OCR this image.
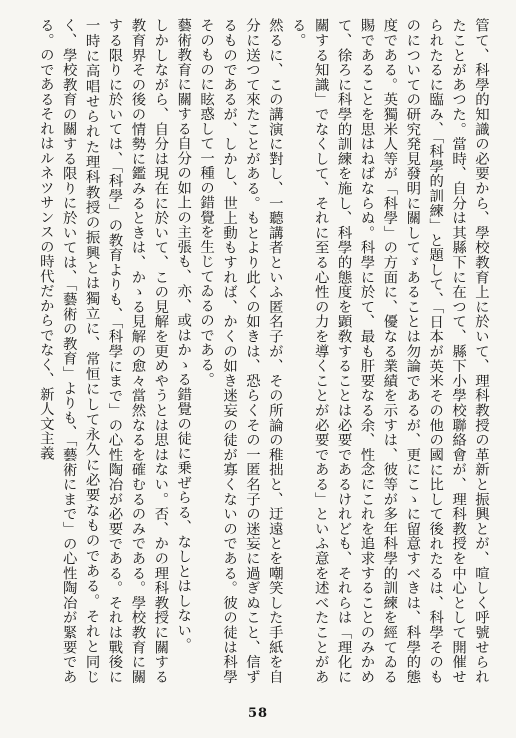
管て、科學的知識の必要から、學校教育上に於いて、理科教授の革新と振興とが、喧しく呼號せられたことがあつた。當時、自分は其縣下に在つて、縣下小學校聯絡會が、理科教授を中心として開催せられたるに臨み、「科學的訓練」と題して、「日本が英米その他の國に比して後れたるは、科學そのものについての研究発見發明に關してゞあることは勿論であるが、更にこゝに留意すべきは、科學的態度である。英獨米人等が「科學」の方面に、優なる業績を示すは、彼等が多年科學的訓練を經てゐる賜であることを思はねばならぬ。科學に於て、最も肝要なる余、性念にこれを追求することのみかめて、徐ろに科學的訓練を施し、科學的態度を顕敎することは必要であるけれども、それらは「理化に關する知識」でなくして、それに至る心性の力を導くことが必要である」といふ意を述べたことがある。

然るに、この講演に對し、一聽講者といふ匿名子が、その所論の稚拙と、迂遠とを嘲笑した手紙を自分に送つて來たことがある。もとより此くの如きは、恐らくその一匿名子の迷妄に過ぎぬこと、信ずるものであるが、しかし、世上動もすれば、かくの如き迷妄の徒が寡くないのである。彼の徒は科學そのものに眩惑して一種の錯覺を生じてゐるのである。

藝術教育に關する自分の如上の主張も、亦、或はかゝる錯覺の徒に乗ぜらる、なしとはしない。

しかしながら、自分は現在に於いて、この見解を更めやうとは思はない。否、かの理科教授に關する教育界その後の情勢に鑑みるときは、かゝる見解の愈々當然なるを確むるのみである。學校教育に關する限りに於いては、「科學」の教育よりも、「科學にまで」の心性陶冶が必要である。それは戰後に一時に高唱せられた理科教授の振興とは獨立に、常恒にして永久に必要なものである。それと同じく、學校教育の關する限りに於いては、「藝術の教育」よりも、「藝術にまで」の心性陶冶が緊要である。のであるそれはルネツサンスの時代だからでなく、新人文主義

58
